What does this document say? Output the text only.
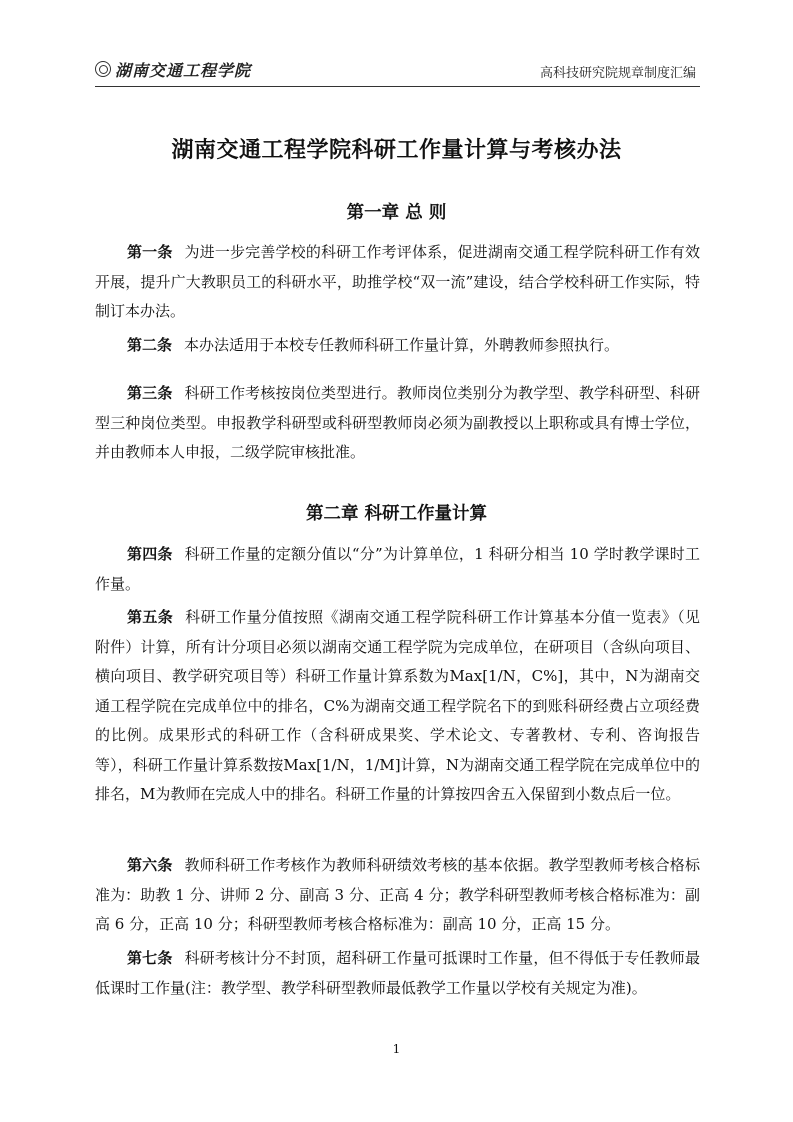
湖南交通工程学院	高科技研究院规章制度汇编
湖南交通工程学院科研工作量计算与考核办法
第一章 总 则

第一条 为进一步完善学校的科研工作考评体系，促进湖南交通工程学院科研工作有效开展，提升广大教职员工的科研水平，助推学校“双一流”建设，结合学校科研工作实际，特制订本办法。

第二条 本办法适用于本校专任教师科研工作量计算，外聘教师参照执行。

第三条 科研工作考核按岗位类型进行。教师岗位类别分为教学型、教学科研型、科研型三种岗位类型。申报教学科研型或科研型教师岗必须为副教授以上职称或具有博士学位，并由教师本人申报，二级学院审核批准。

第二章 科研工作量计算

第四条 科研工作量的定额分值以“分”为计算单位，1 科研分相当 10 学时教学课时工作量。

第五条 科研工作量分值按照《湖南交通工程学院科研工作计算基本分值一览表》（见附件）计算，所有计分项目必须以湖南交通工程学院为完成单位，在研项目（含纵向项目、横向项目、教学研究项目等）科研工作量计算系数为Max[1/N，C%]，其中，N为湖南交通工程学院在完成单位中的排名，C%为湖南交通工程学院名下的到账科研经费占立项经费的比例。成果形式的科研工作（含科研成果奖、学术论文、专著教材、专利、咨询报告等），科研工作量计算系数按Max[1/N，1/M]计算，N为湖南交通工程学院在完成单位中的排名，M为教师在完成人中的排名。科研工作量的计算按四舍五入保留到小数点后一位。

第六条 教师科研工作考核作为教师科研绩效考核的基本依据。教学型教师考核合格标准为：助教 1 分、讲师 2 分、副高 3 分、正高 4 分；教学科研型教师考核合格标准为：副高 6 分，正高 10 分；科研型教师考核合格标准为：副高 10 分，正高 15 分。

第七条 科研考核计分不封顶，超科研工作量可抵课时工作量，但不得低于专任教师最低课时工作量(注：教学型、教学科研型教师最低教学工作量以学校有关规定为准)。

1
